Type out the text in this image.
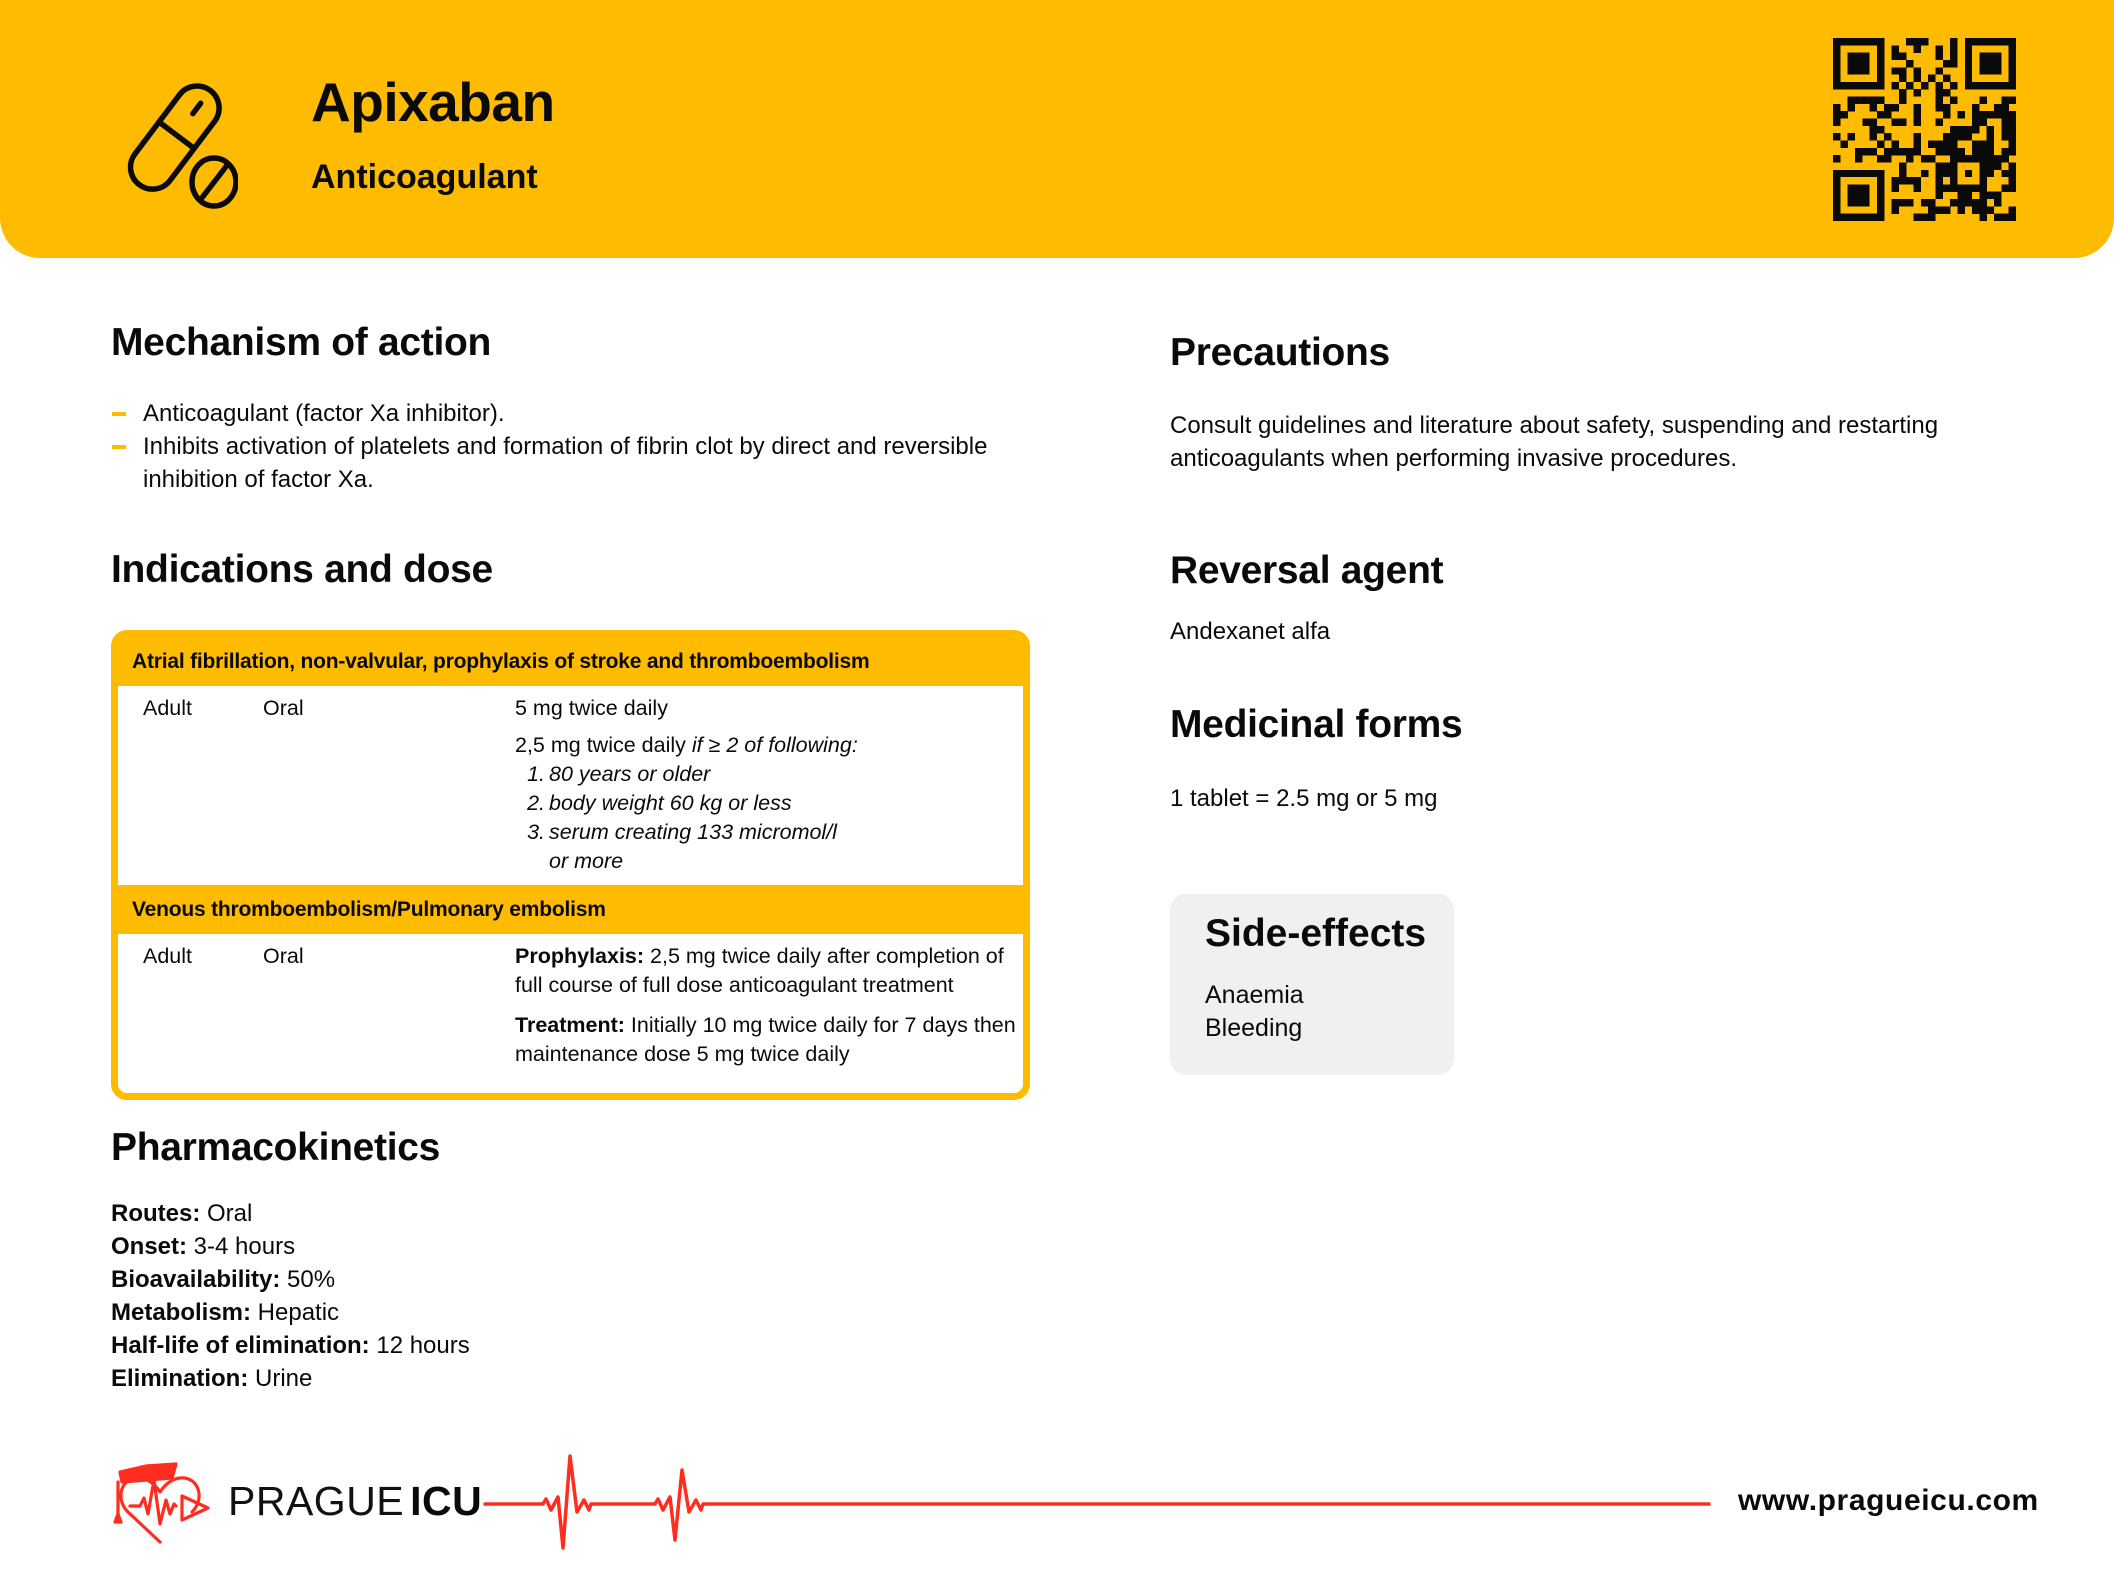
Apixaban
Anticoagulant
Mechanism of action
Anticoagulant (factor Xa inhibitor).
Inhibits activation of platelets and formation of fibrin clot by direct and reversible inhibition of factor Xa.
Indications and dose
Atrial fibrillation, non-valvular, prophylaxis of stroke and thromboembolism
Adult	Oral	5 mg twice daily
2,5 mg twice daily if ≥ 2 of following:
1. 80 years or older
2. body weight 60 kg or less
3. serum creating 133 micromol/l or more
Venous thromboembolism/Pulmonary embolism
Adult	Oral	Prophylaxis: 2,5 mg twice daily after completion of full course of full dose anticoagulant treatment
Treatment: Initially 10 mg twice daily for 7 days then maintenance dose 5 mg twice daily
Pharmacokinetics
Routes: Oral
Onset: 3-4 hours
Bioavailability: 50%
Metabolism: Hepatic
Half-life of elimination: 12 hours
Elimination: Urine
Precautions
Consult guidelines and literature about safety, suspending and restarting anticoagulants when performing invasive procedures.
Reversal agent
Andexanet alfa
Medicinal forms
1 tablet = 2.5 mg or 5 mg
Side-effects
Anaemia
Bleeding
PRAGUE ICU	www.pragueicu.com
